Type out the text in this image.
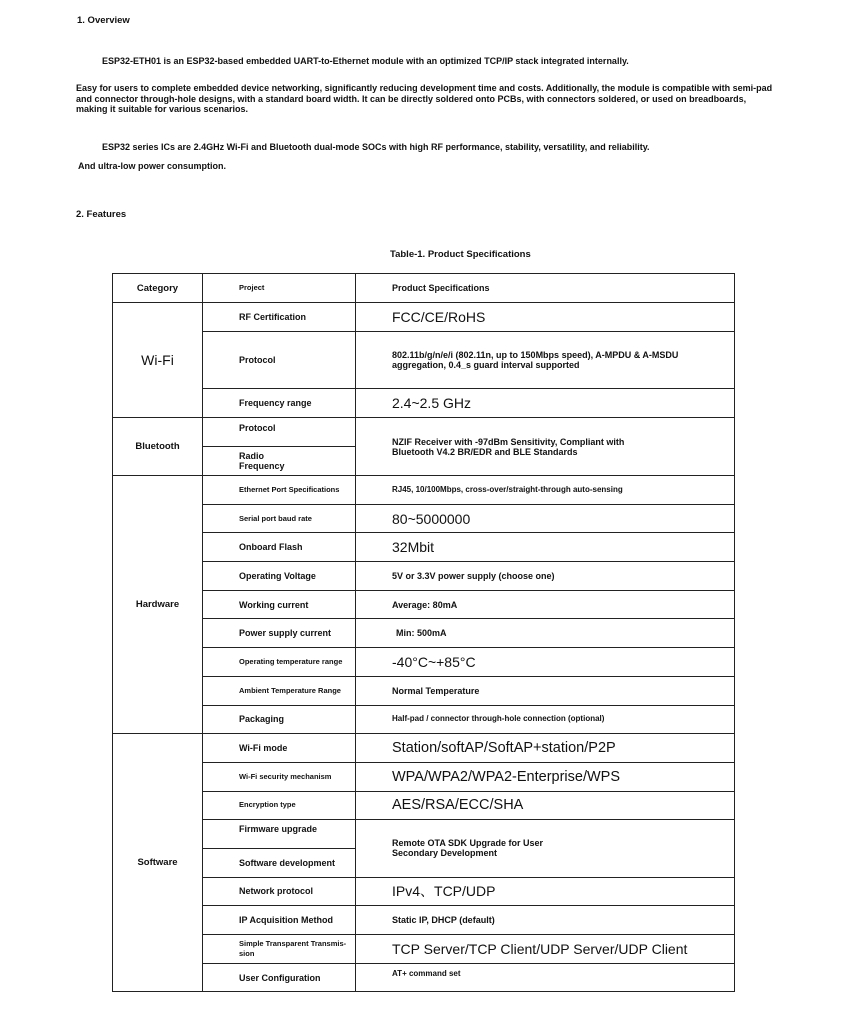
1. Overview
ESP32-ETH01 is an ESP32-based embedded UART-to-Ethernet module with an optimized TCP/IP stack integrated internally.
Easy for users to complete embedded device networking, significantly reducing development time and costs. Additionally, the module is compatible with semi-pad and connector through-hole designs, with a standard board width. It can be directly soldered onto PCBs, with connectors soldered, or used on breadboards, making it suitable for various scenarios.
ESP32 series ICs are 2.4GHz Wi-Fi and Bluetooth dual-mode SOCs with high RF performance, stability, versatility, and reliability.
And ultra-low power consumption.
2. Features
Table-1. Product Specifications
Category	Project	Product Specifications
Wi-Fi	RF Certification	FCC/CE/RoHS
	Protocol	802.11b/g/n/e/i (802.11n, up to 150Mbps speed), A-MPDU & A-MSDU aggregation, 0.4_s guard interval supported
	Frequency range	2.4~2.5 GHz
Bluetooth	Protocol	NZIF Receiver with -97dBm Sensitivity, Compliant with Bluetooth V4.2 BR/EDR and BLE Standards
	Radio Frequency	
Hardware	Ethernet Port Specifications	RJ45, 10/100Mbps, cross-over/straight-through auto-sensing
	Serial port baud rate	80~5000000
	Onboard Flash	32Mbit
	Operating Voltage	5V or 3.3V power supply (choose one)
	Working current	Average: 80mA
	Power supply current	Min: 500mA
	Operating temperature range	-40°C~+85°C
	Ambient Temperature Range	Normal Temperature
	Packaging	Half-pad / connector through-hole connection (optional)
Software	Wi-Fi mode	Station/softAP/SoftAP+station/P2P
	Wi-Fi security mechanism	WPA/WPA2/WPA2-Enterprise/WPS
	Encryption type	AES/RSA/ECC/SHA
	Firmware upgrade	Remote OTA SDK Upgrade for User Secondary Development
	Software development	
	Network protocol	IPv4、TCP/UDP
	IP Acquisition Method	Static IP, DHCP (default)
	Simple Transparent Transmis-sion	TCP Server/TCP Client/UDP Server/UDP Client
	User Configuration	AT+ command set
